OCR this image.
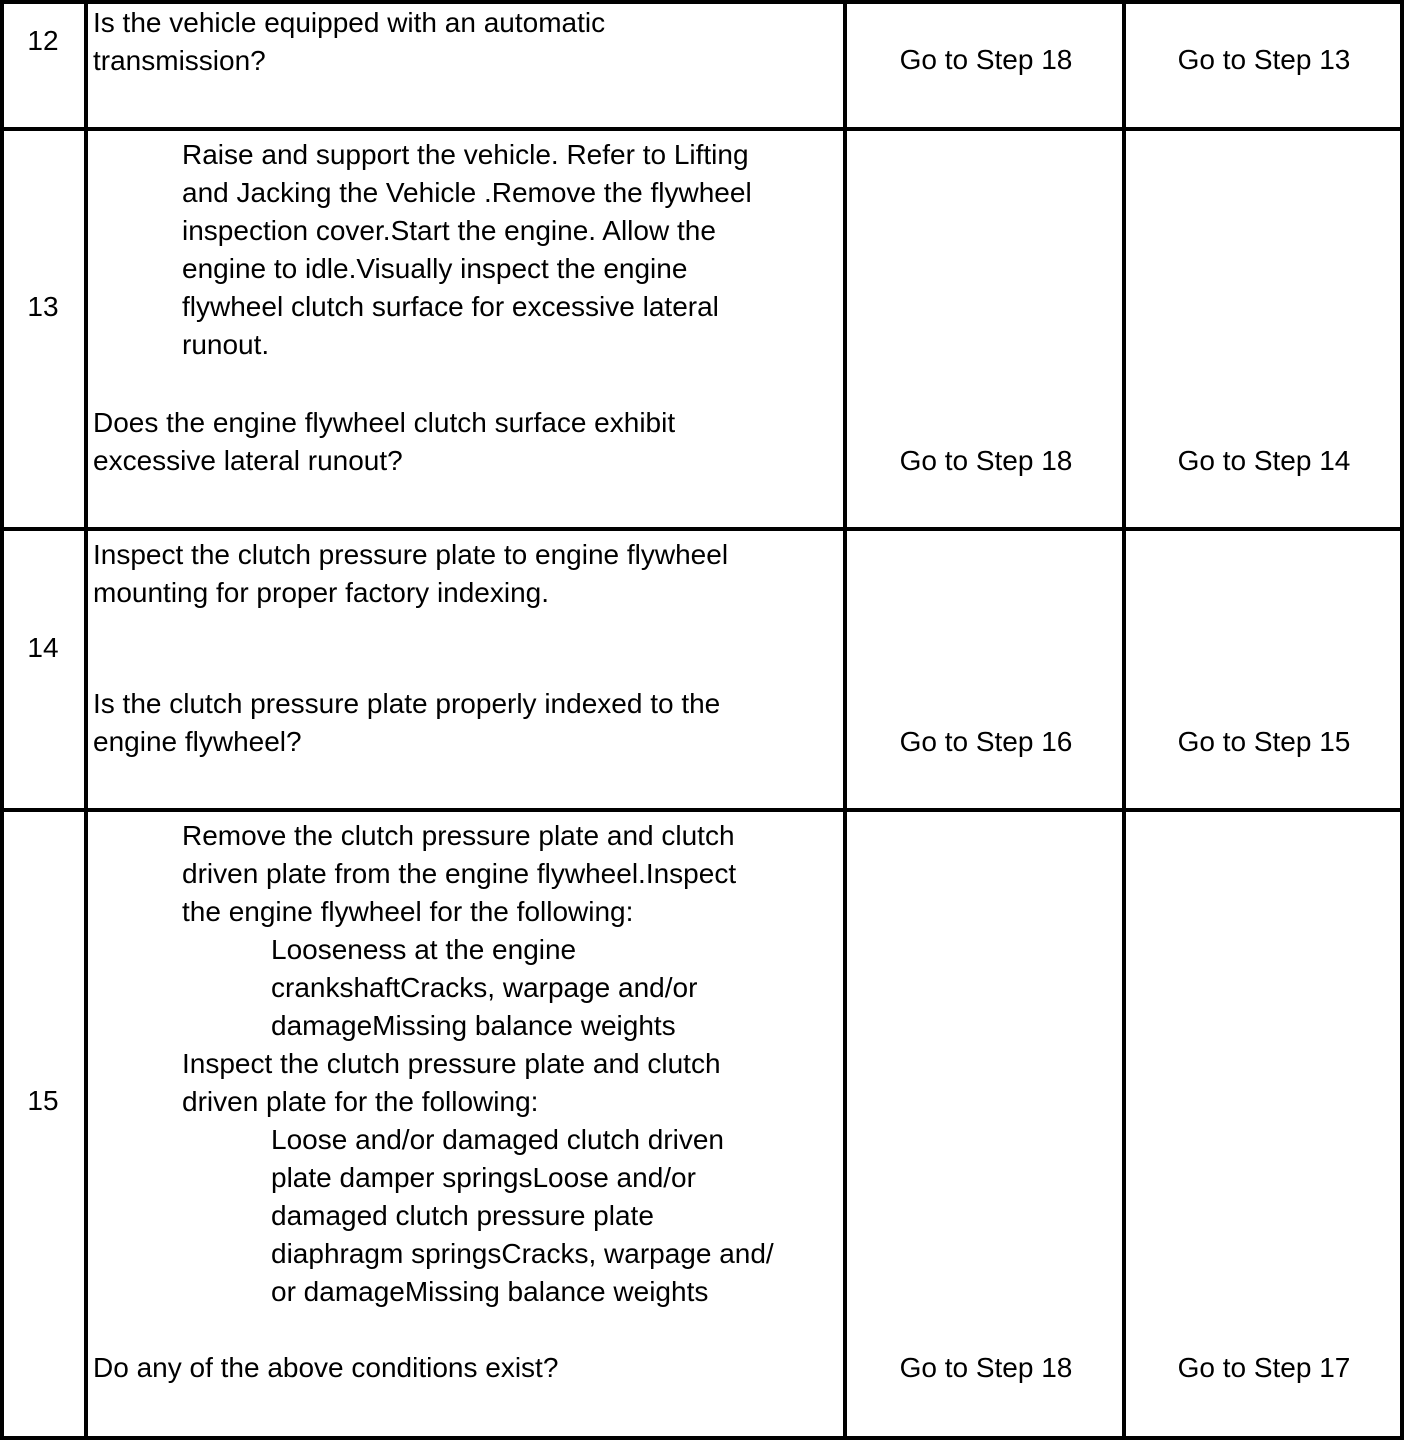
12

Is the vehicle equipped with an automatic

transmission?	Go to Step 18	Go to Step 13
13

Raise and support the vehicle. Refer to Lifting

and Jacking the Vehicle .Remove the flywheel

inspection cover.Start the engine. Allow the

engine to idle.Visually inspect the engine

flywheel clutch surface for excessive lateral

runout.

Does the engine flywheel clutch surface exhibit

excessive lateral runout?	Go to Step 18	Go to Step 14
14

Inspect the clutch pressure plate to engine flywheel

mounting for proper factory indexing.

Is the clutch pressure plate properly indexed to the

engine flywheel?	Go to Step 16	Go to Step 15
15

Remove the clutch pressure plate and clutch

driven plate from the engine flywheel.Inspect

the engine flywheel for the following:

Looseness at the engine

crankshaftCracks, warpage and/or

damageMissing balance weights

Inspect the clutch pressure plate and clutch

driven plate for the following:

Loose and/or damaged clutch driven

plate damper springsLoose and/or

damaged clutch pressure plate

diaphragm springsCracks, warpage and/

or damageMissing balance weights

Do any of the above conditions exist?	Go to Step 18	Go to Step 17
